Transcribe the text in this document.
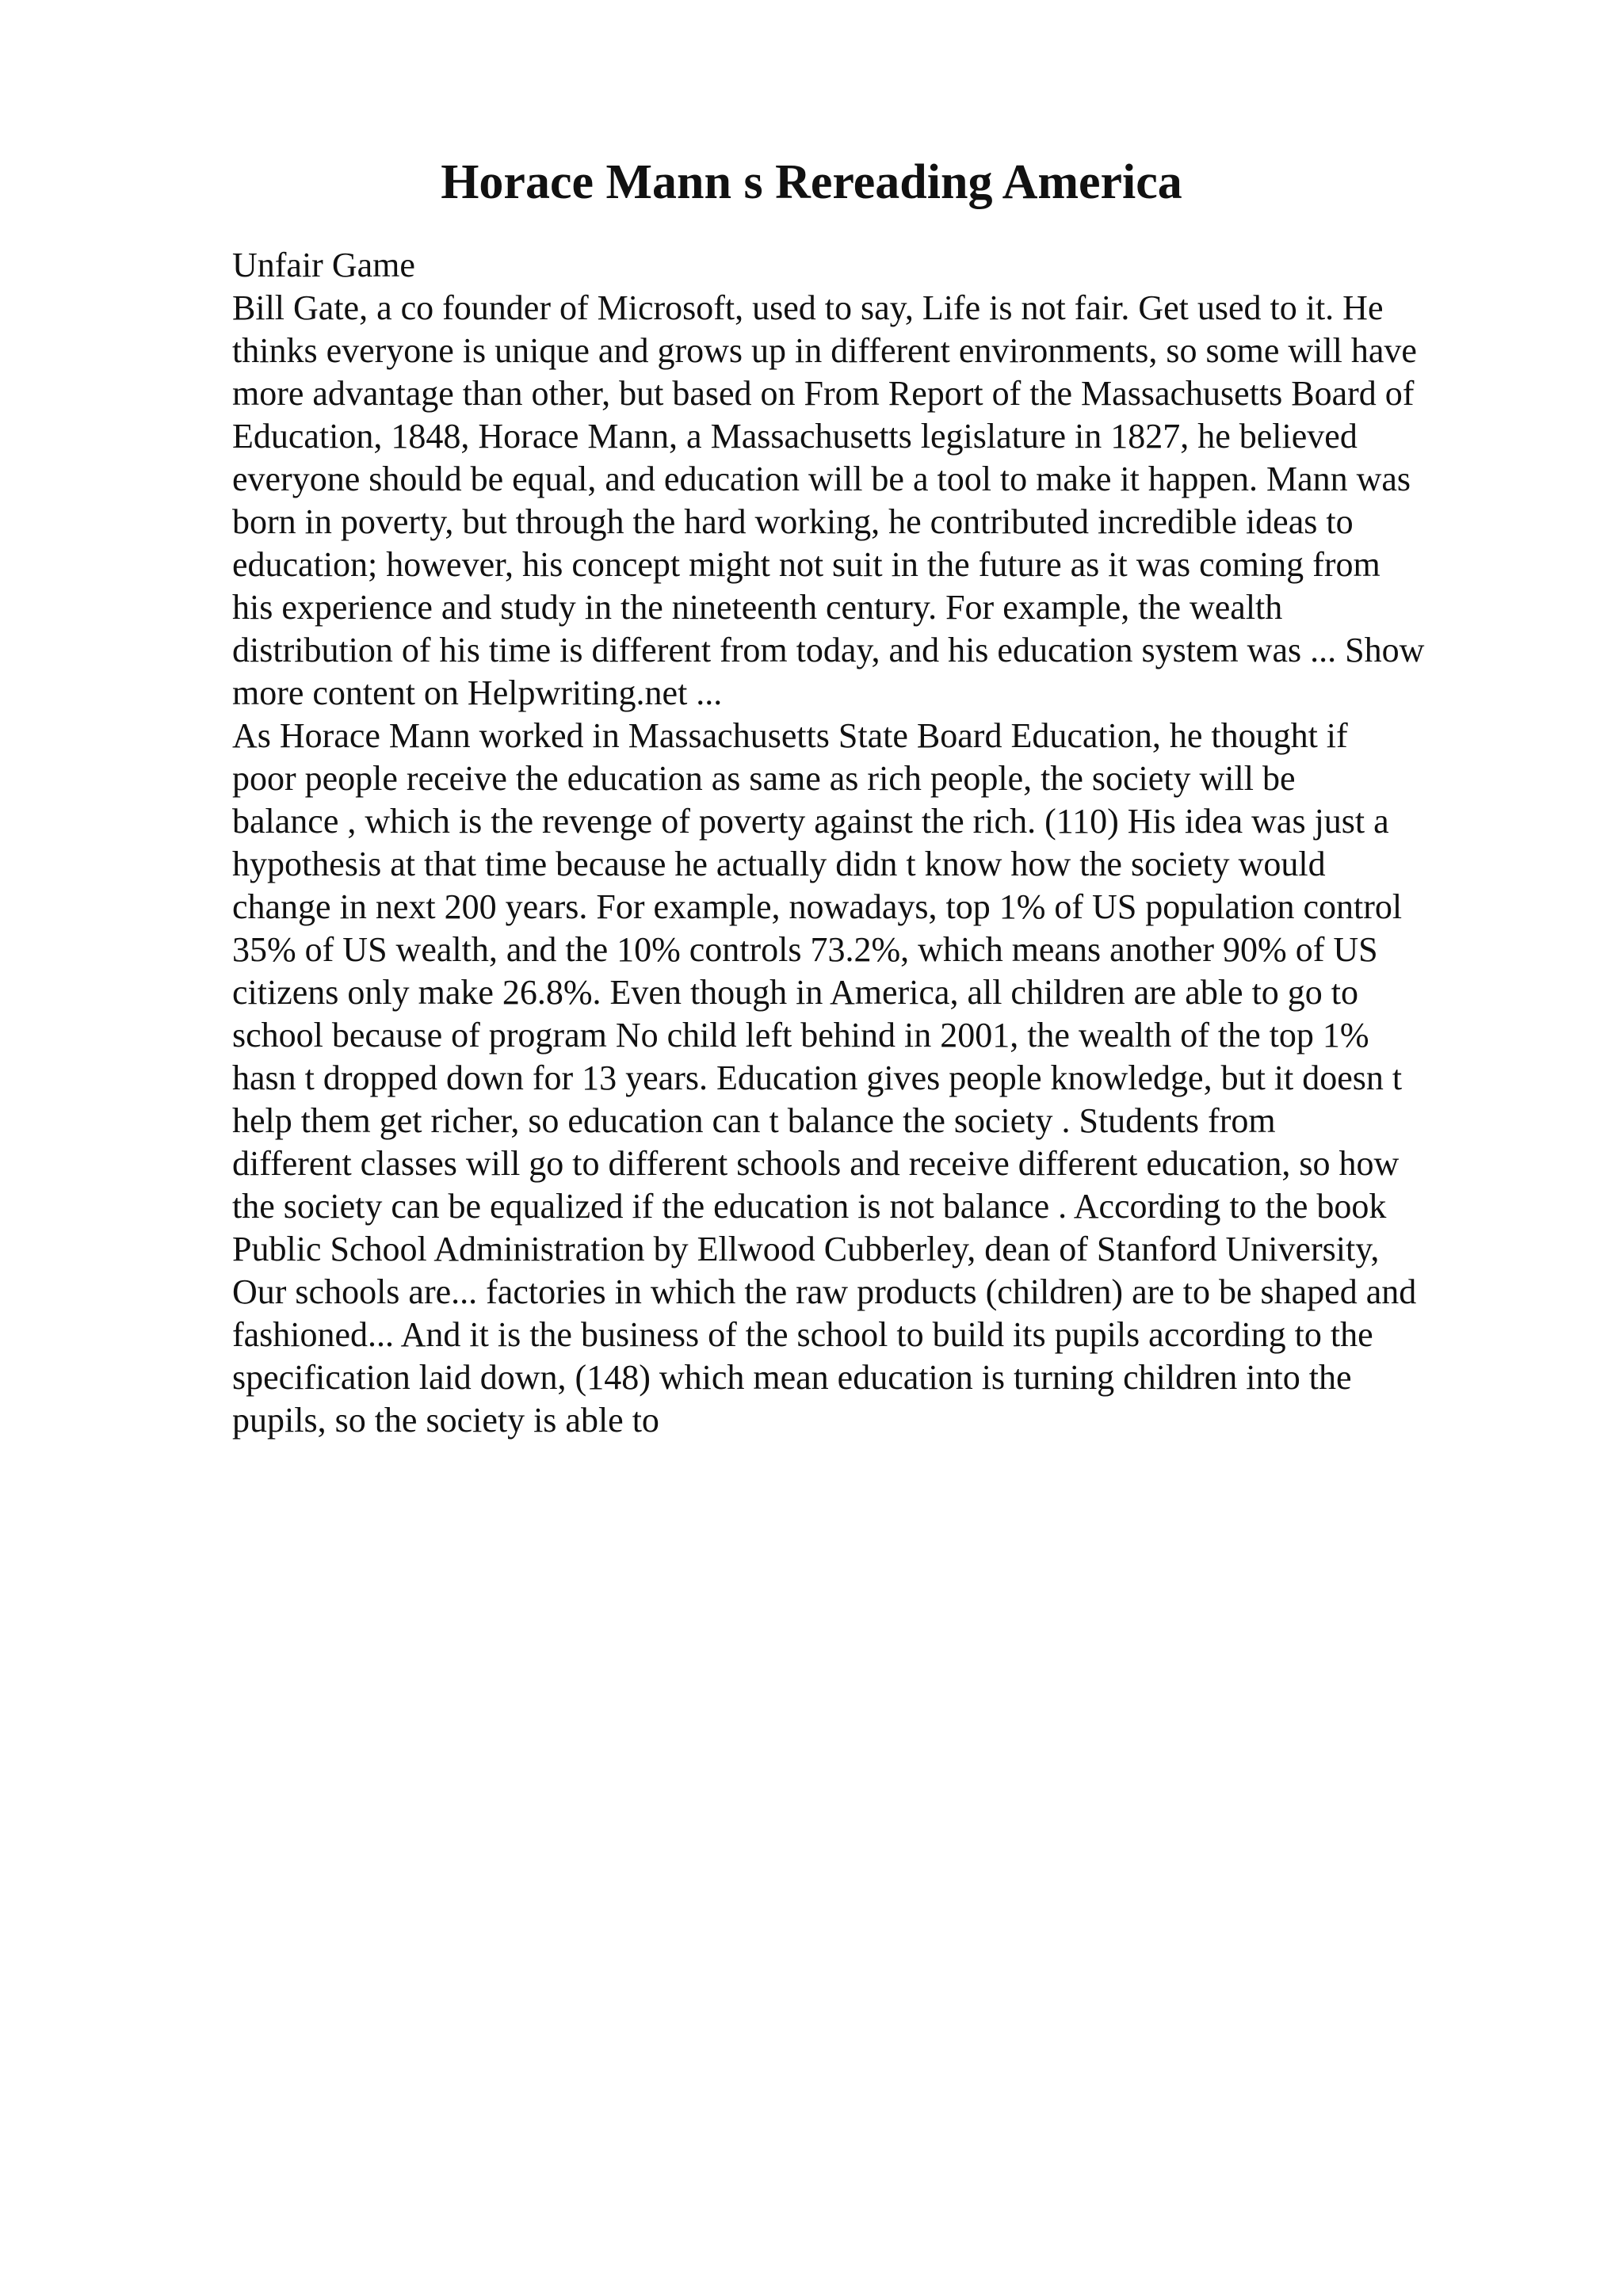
Horace Mann s Rereading America
Unfair Game
Bill Gate, a co founder of Microsoft, used to say, Life is not fair. Get used to it. He
thinks everyone is unique and grows up in different environments, so some will have
more advantage than other, but based on From Report of the Massachusetts Board of
Education, 1848, Horace Mann, a Massachusetts legislature in 1827, he believed
everyone should be equal, and education will be a tool to make it happen. Mann was
born in poverty, but through the hard working, he contributed incredible ideas to
education; however, his concept might not suit in the future as it was coming from
his experience and study in the nineteenth century. For example, the wealth
distribution of his time is different from today, and his education system was ... Show
more content on Helpwriting.net ...
As Horace Mann worked in Massachusetts State Board Education, he thought if
poor people receive the education as same as rich people, the society will be
balance , which is the revenge of poverty against the rich. (110) His idea was just a
hypothesis at that time because he actually didn t know how the society would
change in next 200 years. For example, nowadays, top 1% of US population control
35% of US wealth, and the 10% controls 73.2%, which means another 90% of US
citizens only make 26.8%. Even though in America, all children are able to go to
school because of program No child left behind in 2001, the wealth of the top 1%
hasn t dropped down for 13 years. Education gives people knowledge, but it doesn t
help them get richer, so education can t balance the society . Students from
different classes will go to different schools and receive different education, so how
the society can be equalized if the education is not balance . According to the book
Public School Administration by Ellwood Cubberley, dean of Stanford University,
Our schools are... factories in which the raw products (children) are to be shaped and
fashioned... And it is the business of the school to build its pupils according to the
specification laid down, (148) which mean education is turning children into the
pupils, so the society is able to
